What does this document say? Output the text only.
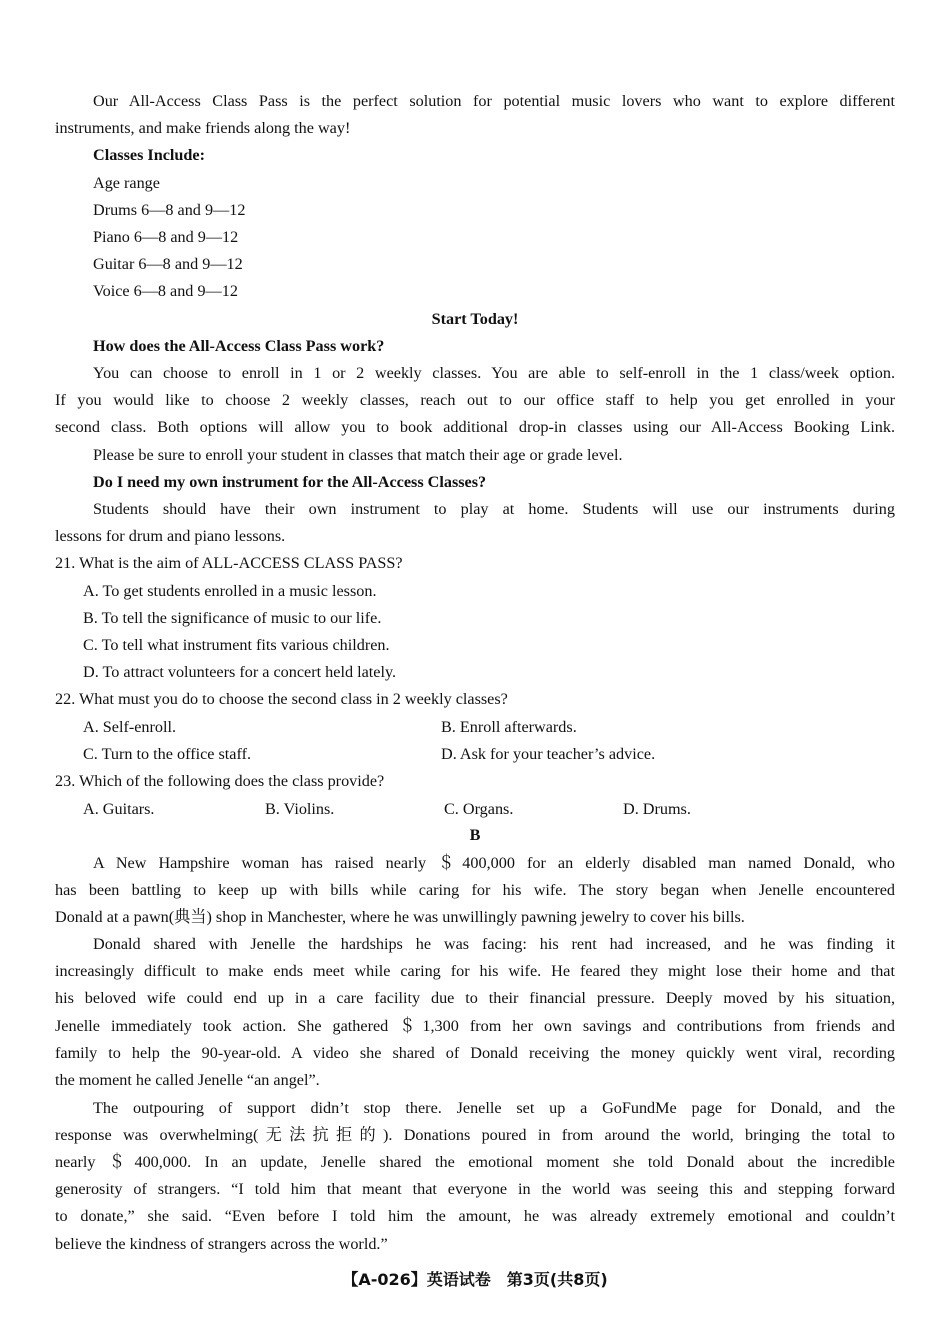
Our All-Access Class Pass is the perfect solution for potential music lovers who want to explore different
instruments, and make friends along the way!
Classes Include:
Age range
Drums 6—8 and 9—12
Piano 6—8 and 9—12
Guitar 6—8 and 9—12
Voice 6—8 and 9—12
Start Today!
How does the All-Access Class Pass work?
You can choose to enroll in 1 or 2 weekly classes. You are able to self-enroll in the 1 class/week option.
If you would like to choose 2 weekly classes, reach out to our office staff to help you get enrolled in your
second class. Both options will allow you to book additional drop-in classes using our All-Access Booking Link.
Please be sure to enroll your student in classes that match their age or grade level.
Do I need my own instrument for the All-Access Classes?
Students should have their own instrument to play at home. Students will use our instruments during
lessons for drum and piano lessons.
21. What is the aim of ALL-ACCESS CLASS PASS?
A. To get students enrolled in a music lesson.
B. To tell the significance of music to our life.
C. To tell what instrument fits various children.
D. To attract volunteers for a concert held lately.
22. What must you do to choose the second class in 2 weekly classes?
A. Self-enroll.	B. Enroll afterwards.
C. Turn to the office staff.	D. Ask for your teacher’s advice.
23. Which of the following does the class provide?
A. Guitars.	B. Violins.	C. Organs.	D. Drums.
B
A New Hampshire woman has raised nearly ＄400,000 for an elderly disabled man named Donald, who
has been battling to keep up with bills while caring for his wife. The story began when Jenelle encountered
Donald at a pawn(典当) shop in Manchester, where he was unwillingly pawning jewelry to cover his bills.
Donald shared with Jenelle the hardships he was facing: his rent had increased, and he was finding it
increasingly difficult to make ends meet while caring for his wife. He feared they might lose their home and that
his beloved wife could end up in a care facility due to their financial pressure. Deeply moved by his situation,
Jenelle immediately took action. She gathered ＄1,300 from her own savings and contributions from friends and
family to help the 90-year-old. A video she shared of Donald receiving the money quickly went viral, recording
the moment he called Jenelle “an angel”.
The outpouring of support didn’t stop there. Jenelle set up a GoFundMe page for Donald, and the
response was overwhelming(无法抗拒的). Donations poured in from around the world, bringing the total to
nearly ＄400,000. In an update, Jenelle shared the emotional moment she told Donald about the incredible
generosity of strangers. “I told him that meant that everyone in the world was seeing this and stepping forward
to donate,” she said. “Even before I told him the amount, he was already extremely emotional and couldn’t
believe the kindness of strangers across the world.”
【A-026】英语试卷　第3页(共8页)
